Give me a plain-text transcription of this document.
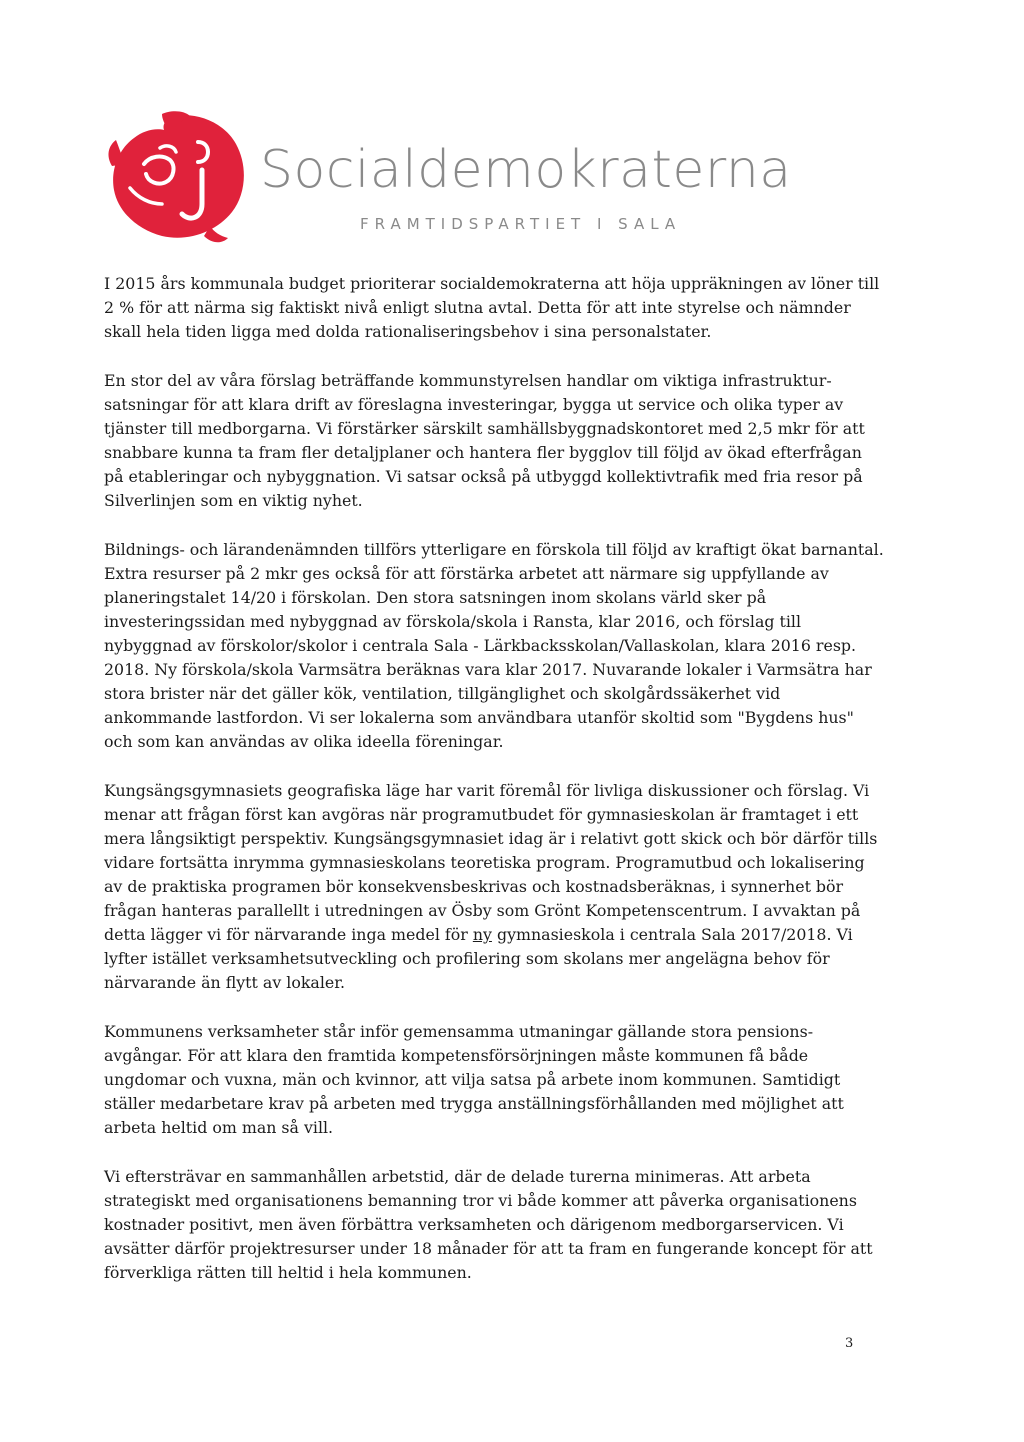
Socialdemokraterna
FRAMTIDSPARTIET I SALA

I 2015 års kommunala budget prioriterar socialdemokraterna att höja uppräkningen av löner till 2 % för att närma sig faktiskt nivå enligt slutna avtal. Detta för att inte styrelse och nämnder skall hela tiden ligga med dolda rationaliseringsbehov i sina personalstater.

En stor del av våra förslag beträffande kommunstyrelsen handlar om viktiga infrastruktur-satsningar för att klara drift av föreslagna investeringar, bygga ut service och olika typer av tjänster till medborgarna. Vi förstärker särskilt samhällsbyggnadskontoret med 2,5 mkr för att snabbare kunna ta fram fler detaljplaner och hantera fler bygglov till följd av ökad efterfrågan på etableringar och nybyggnation. Vi satsar också på utbyggd kollektivtrafik med fria resor på Silverlinjen som en viktig nyhet.

Bildnings- och lärandenämnden tillförs ytterligare en förskola till följd av kraftigt ökat barnantal. Extra resurser på 2 mkr ges också för att förstärka arbetet att närmare sig uppfyllande av planeringstalet 14/20 i förskolan. Den stora satsningen inom skolans värld sker på investeringssidan med nybyggnad av förskola/skola i Ransta, klar 2016, och förslag till nybyggnad av förskolor/skolor i centrala Sala - Lärkbacksskolan/Vallaskolan, klara 2016 resp. 2018. Ny förskola/skola Varmsätra beräknas vara klar 2017. Nuvarande lokaler i Varmsätra har stora brister när det gäller kök, ventilation, tillgänglighet och skolgårdssäkerhet vid ankommande lastfordon. Vi ser lokalerna som användbara utanför skoltid som "Bygdens hus" och som kan användas av olika ideella föreningar.

Kungsängsgymnasiets geografiska läge har varit föremål för livliga diskussioner och förslag. Vi menar att frågan först kan avgöras när programutbudet för gymnasieskolan är framtaget i ett mera långsiktigt perspektiv. Kungsängsgymnasiet idag är i relativt gott skick och bör därför tills vidare fortsätta inrymma gymnasieskolans teoretiska program. Programutbud och lokalisering av de praktiska programen bör konsekvensbeskrivas och kostnadsberäknas, i synnerhet bör frågan hanteras parallellt i utredningen av Ösby som Grönt Kompetenscentrum. I avvaktan på detta lägger vi för närvarande inga medel för ny gymnasieskola i centrala Sala 2017/2018. Vi lyfter istället verksamhetsutveckling och profilering som skolans mer angelägna behov för närvarande än flytt av lokaler.

Kommunens verksamheter står inför gemensamma utmaningar gällande stora pensions-avgångar. För att klara den framtida kompetensförsörjningen måste kommunen få både ungdomar och vuxna, män och kvinnor, att vilja satsa på arbete inom kommunen. Samtidigt ställer medarbetare krav på arbeten med trygga anställningsförhållanden med möjlighet att arbeta heltid om man så vill.

Vi eftersträvar en sammanhållen arbetstid, där de delade turerna minimeras. Att arbeta strategiskt med organisationens bemanning tror vi både kommer att påverka organisationens kostnader positivt, men även förbättra verksamheten och därigenom medborgarservicen. Vi avsätter därför projektresurser under 18 månader för att ta fram en fungerande koncept för att förverkliga rätten till heltid i hela kommunen.

3
